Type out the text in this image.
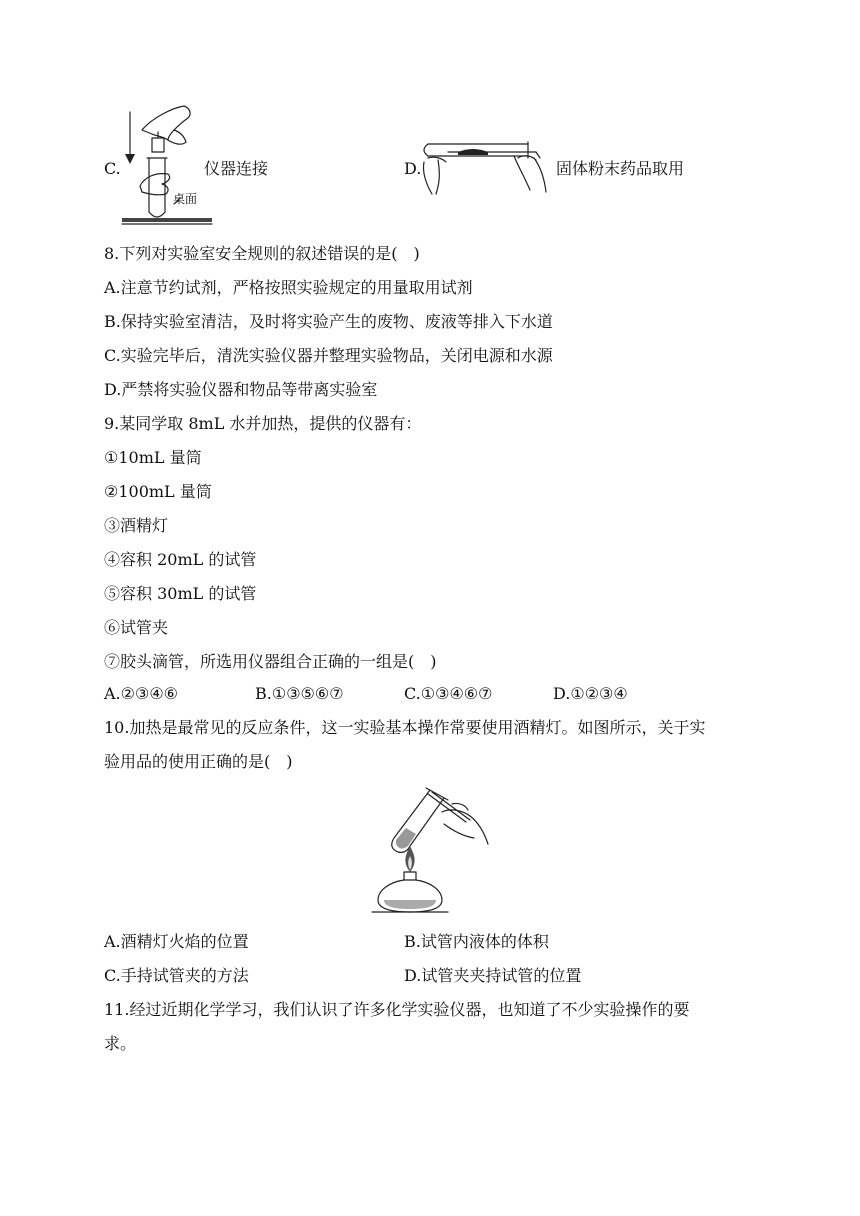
C.
桌面
仪器连接	D.	固体粉末药品取用
8.下列对实验室安全规则的叙述错误的是( )
A.注意节约试剂，严格按照实验规定的用量取用试剂
B.保持实验室清洁，及时将实验产生的废物、废液等排入下水道
C.实验完毕后，清洗实验仪器并整理实验物品，关闭电源和水源
D.严禁将实验仪器和物品等带离实验室
9.某同学取 8mL 水并加热，提供的仪器有：
①10mL 量筒
②100mL 量筒
③酒精灯
④容积 20mL 的试管
⑤容积 30mL 的试管
⑥试管夹
⑦胶头滴管，所选用仪器组合正确的一组是( )
A.②③④⑥	B.①③⑤⑥⑦	C.①③④⑥⑦	D.①②③④
10.加热是最常见的反应条件，这一实验基本操作常要使用酒精灯。如图所示，关于实
验用品的使用正确的是( )
A.酒精灯火焰的位置	B.试管内液体的体积
C.手持试管夹的方法	D.试管夹夹持试管的位置
11.经过近期化学学习，我们认识了许多化学实验仪器，也知道了不少实验操作的要
求。
